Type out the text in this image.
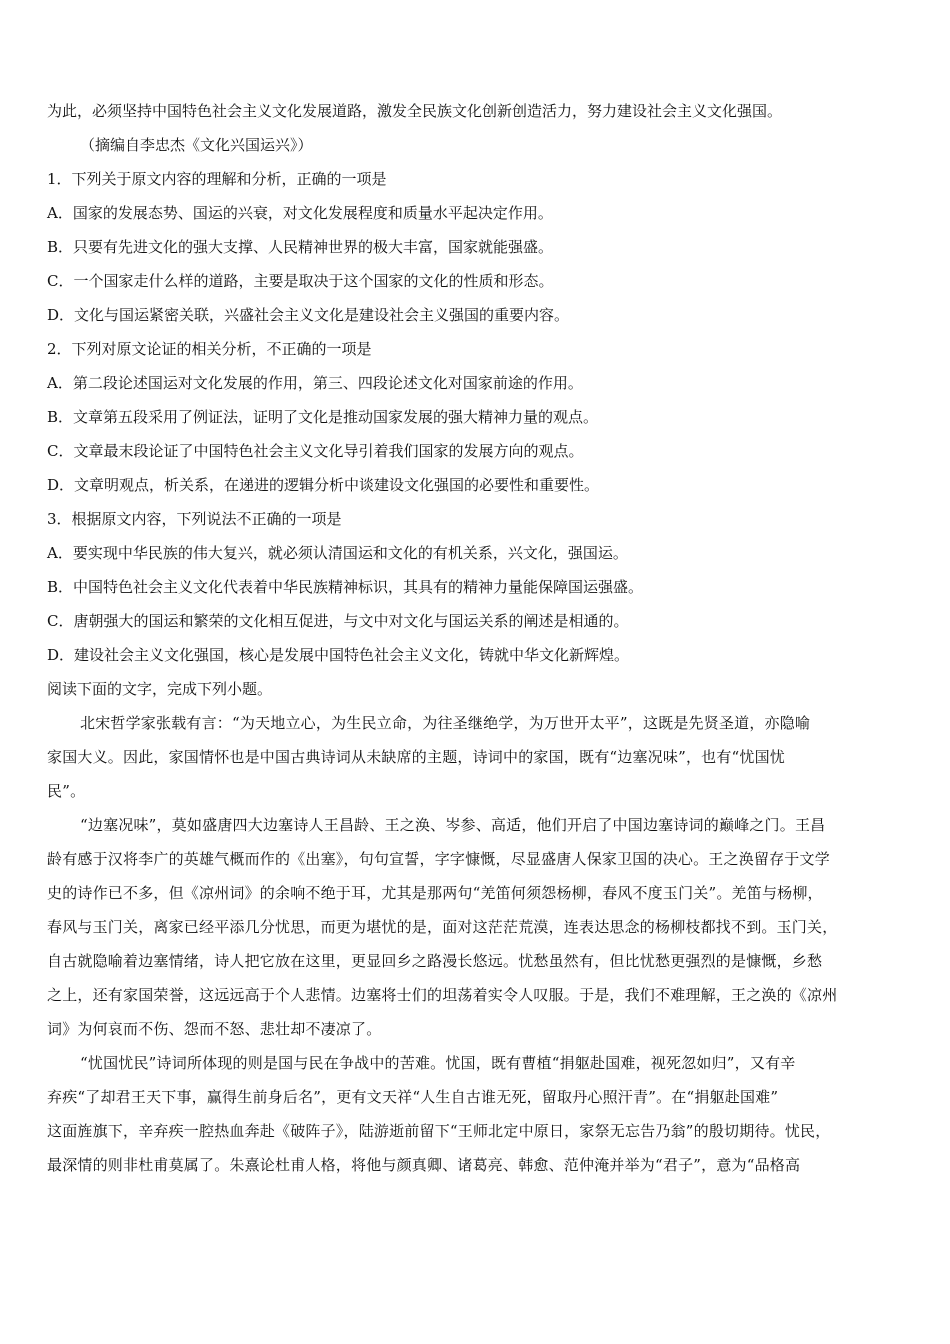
为此，必须坚持中国特色社会主义文化发展道路，激发全民族文化创新创造活力，努力建设社会主义文化强国。
（摘编自李忠杰《文化兴国运兴》）
1．下列关于原文内容的理解和分析，正确的一项是
A．国家的发展态势、国运的兴衰，对文化发展程度和质量水平起决定作用。
B．只要有先进文化的强大支撑、人民精神世界的极大丰富，国家就能强盛。
C．一个国家走什么样的道路，主要是取决于这个国家的文化的性质和形态。
D．文化与国运紧密关联，兴盛社会主义文化是建设社会主义强国的重要内容。
2．下列对原文论证的相关分析，不正确的一项是
A．第二段论述国运对文化发展的作用，第三、四段论述文化对国家前途的作用。
B．文章第五段采用了例证法，证明了文化是推动国家发展的强大精神力量的观点。
C．文章最末段论证了中国特色社会主义文化导引着我们国家的发展方向的观点。
D．文章明观点，析关系，在递进的逻辑分析中谈建设文化强国的必要性和重要性。
3．根据原文内容，下列说法不正确的一项是
A．要实现中华民族的伟大复兴，就必须认清国运和文化的有机关系，兴文化，强国运。
B．中国特色社会主义文化代表着中华民族精神标识，其具有的精神力量能保障国运强盛。
C．唐朝强大的国运和繁荣的文化相互促进，与文中对文化与国运关系的阐述是相通的。
D．建设社会主义文化强国，核心是发展中国特色社会主义文化，铸就中华文化新辉煌。
阅读下面的文字，完成下列小题。
北宋哲学家张载有言：“为天地立心，为生民立命，为往圣继绝学，为万世开太平”，这既是先贤圣道，亦隐喻
家国大义。因此，家国情怀也是中国古典诗词从未缺席的主题，诗词中的家国，既有“边塞况味”，也有“忧国忧
民”。
“边塞况味”，莫如盛唐四大边塞诗人王昌龄、王之涣、岑参、高适，他们开启了中国边塞诗词的巅峰之门。王昌
龄有感于汉将李广的英雄气概而作的《出塞》，句句宣誓，字字慷慨，尽显盛唐人保家卫国的决心。王之涣留存于文学
史的诗作已不多，但《凉州词》的余响不绝于耳，尤其是那两句“羌笛何须怨杨柳，春风不度玉门关”。羌笛与杨柳，
春风与玉门关，离家已经平添几分忧思，而更为堪忧的是，面对这茫茫荒漠，连表达思念的杨柳枝都找不到。玉门关，
自古就隐喻着边塞情绪，诗人把它放在这里，更显回乡之路漫长悠远。忧愁虽然有，但比忧愁更强烈的是慷慨，乡愁
之上，还有家国荣誉，这远远高于个人悲情。边塞将士们的坦荡着实令人叹服。于是，我们不难理解，王之涣的《凉州
词》为何哀而不伤、怨而不怒、悲壮却不凄凉了。
“忧国忧民”诗词所体现的则是国与民在争战中的苦难。忧国，既有曹植“捐躯赴国难，视死忽如归”，又有辛
弃疾“了却君王天下事，赢得生前身后名”，更有文天祥“人生自古谁无死，留取丹心照汗青”。在“捐躯赴国难”
这面旌旗下，辛弃疾一腔热血奔赴《破阵子》，陆游逝前留下“王师北定中原日，家祭无忘告乃翁”的殷切期待。忧民，
最深情的则非杜甫莫属了。朱熹论杜甫人格，将他与颜真卿、诸葛亮、韩愈、范仲淹并举为“君子”，意为“品格高
